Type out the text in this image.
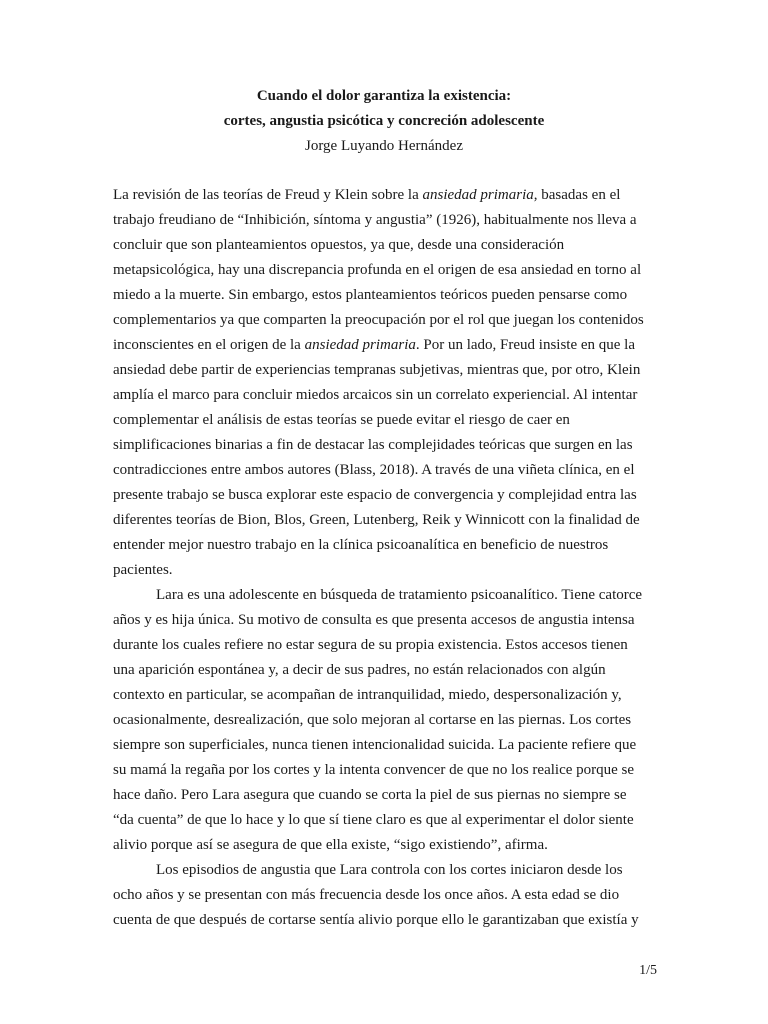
Cuando el dolor garantiza la existencia:
cortes, angustia psicótica y concreción adolescente
Jorge Luyando Hernández
La revisión de las teorías de Freud y Klein sobre la ansiedad primaria, basadas en el
trabajo freudiano de “Inhibición, síntoma y angustia” (1926), habitualmente nos lleva a
concluir que son planteamientos opuestos, ya que, desde una consideración
metapsicológica, hay una discrepancia profunda en el origen de esa ansiedad en torno al
miedo a la muerte. Sin embargo, estos planteamientos teóricos pueden pensarse como
complementarios ya que comparten la preocupación por el rol que juegan los contenidos
inconscientes en el origen de la ansiedad primaria. Por un lado, Freud insiste en que la
ansiedad debe partir de experiencias tempranas subjetivas, mientras que, por otro, Klein
amplía el marco para concluir miedos arcaicos sin un correlato experiencial. Al intentar
complementar el análisis de estas teorías se puede evitar el riesgo de caer en
simplificaciones binarias a fin de destacar las complejidades teóricas que surgen en las
contradicciones entre ambos autores (Blass, 2018). A través de una viñeta clínica, en el
presente trabajo se busca explorar este espacio de convergencia y complejidad entra las
diferentes teorías de Bion, Blos, Green, Lutenberg, Reik y Winnicott con la finalidad de
entender mejor nuestro trabajo en la clínica psicoanalítica en beneficio de nuestros
pacientes.
Lara es una adolescente en búsqueda de tratamiento psicoanalítico. Tiene catorce
años y es hija única. Su motivo de consulta es que presenta accesos de angustia intensa
durante los cuales refiere no estar segura de su propia existencia. Estos accesos tienen
una aparición espontánea y, a decir de sus padres, no están relacionados con algún
contexto en particular, se acompañan de intranquilidad, miedo, despersonalización y,
ocasionalmente, desrealización, que solo mejoran al cortarse en las piernas. Los cortes
siempre son superficiales, nunca tienen intencionalidad suicida. La paciente refiere que
su mamá la regaña por los cortes y la intenta convencer de que no los realice porque se
hace daño. Pero Lara asegura que cuando se corta la piel de sus piernas no siempre se
“da cuenta” de que lo hace y lo que sí tiene claro es que al experimentar el dolor siente
alivio porque así se asegura de que ella existe, “sigo existiendo”, afirma.
Los episodios de angustia que Lara controla con los cortes iniciaron desde los
ocho años y se presentan con más frecuencia desde los once años. A esta edad se dio
cuenta de que después de cortarse sentía alivio porque ello le garantizaban que existía y
1/5
